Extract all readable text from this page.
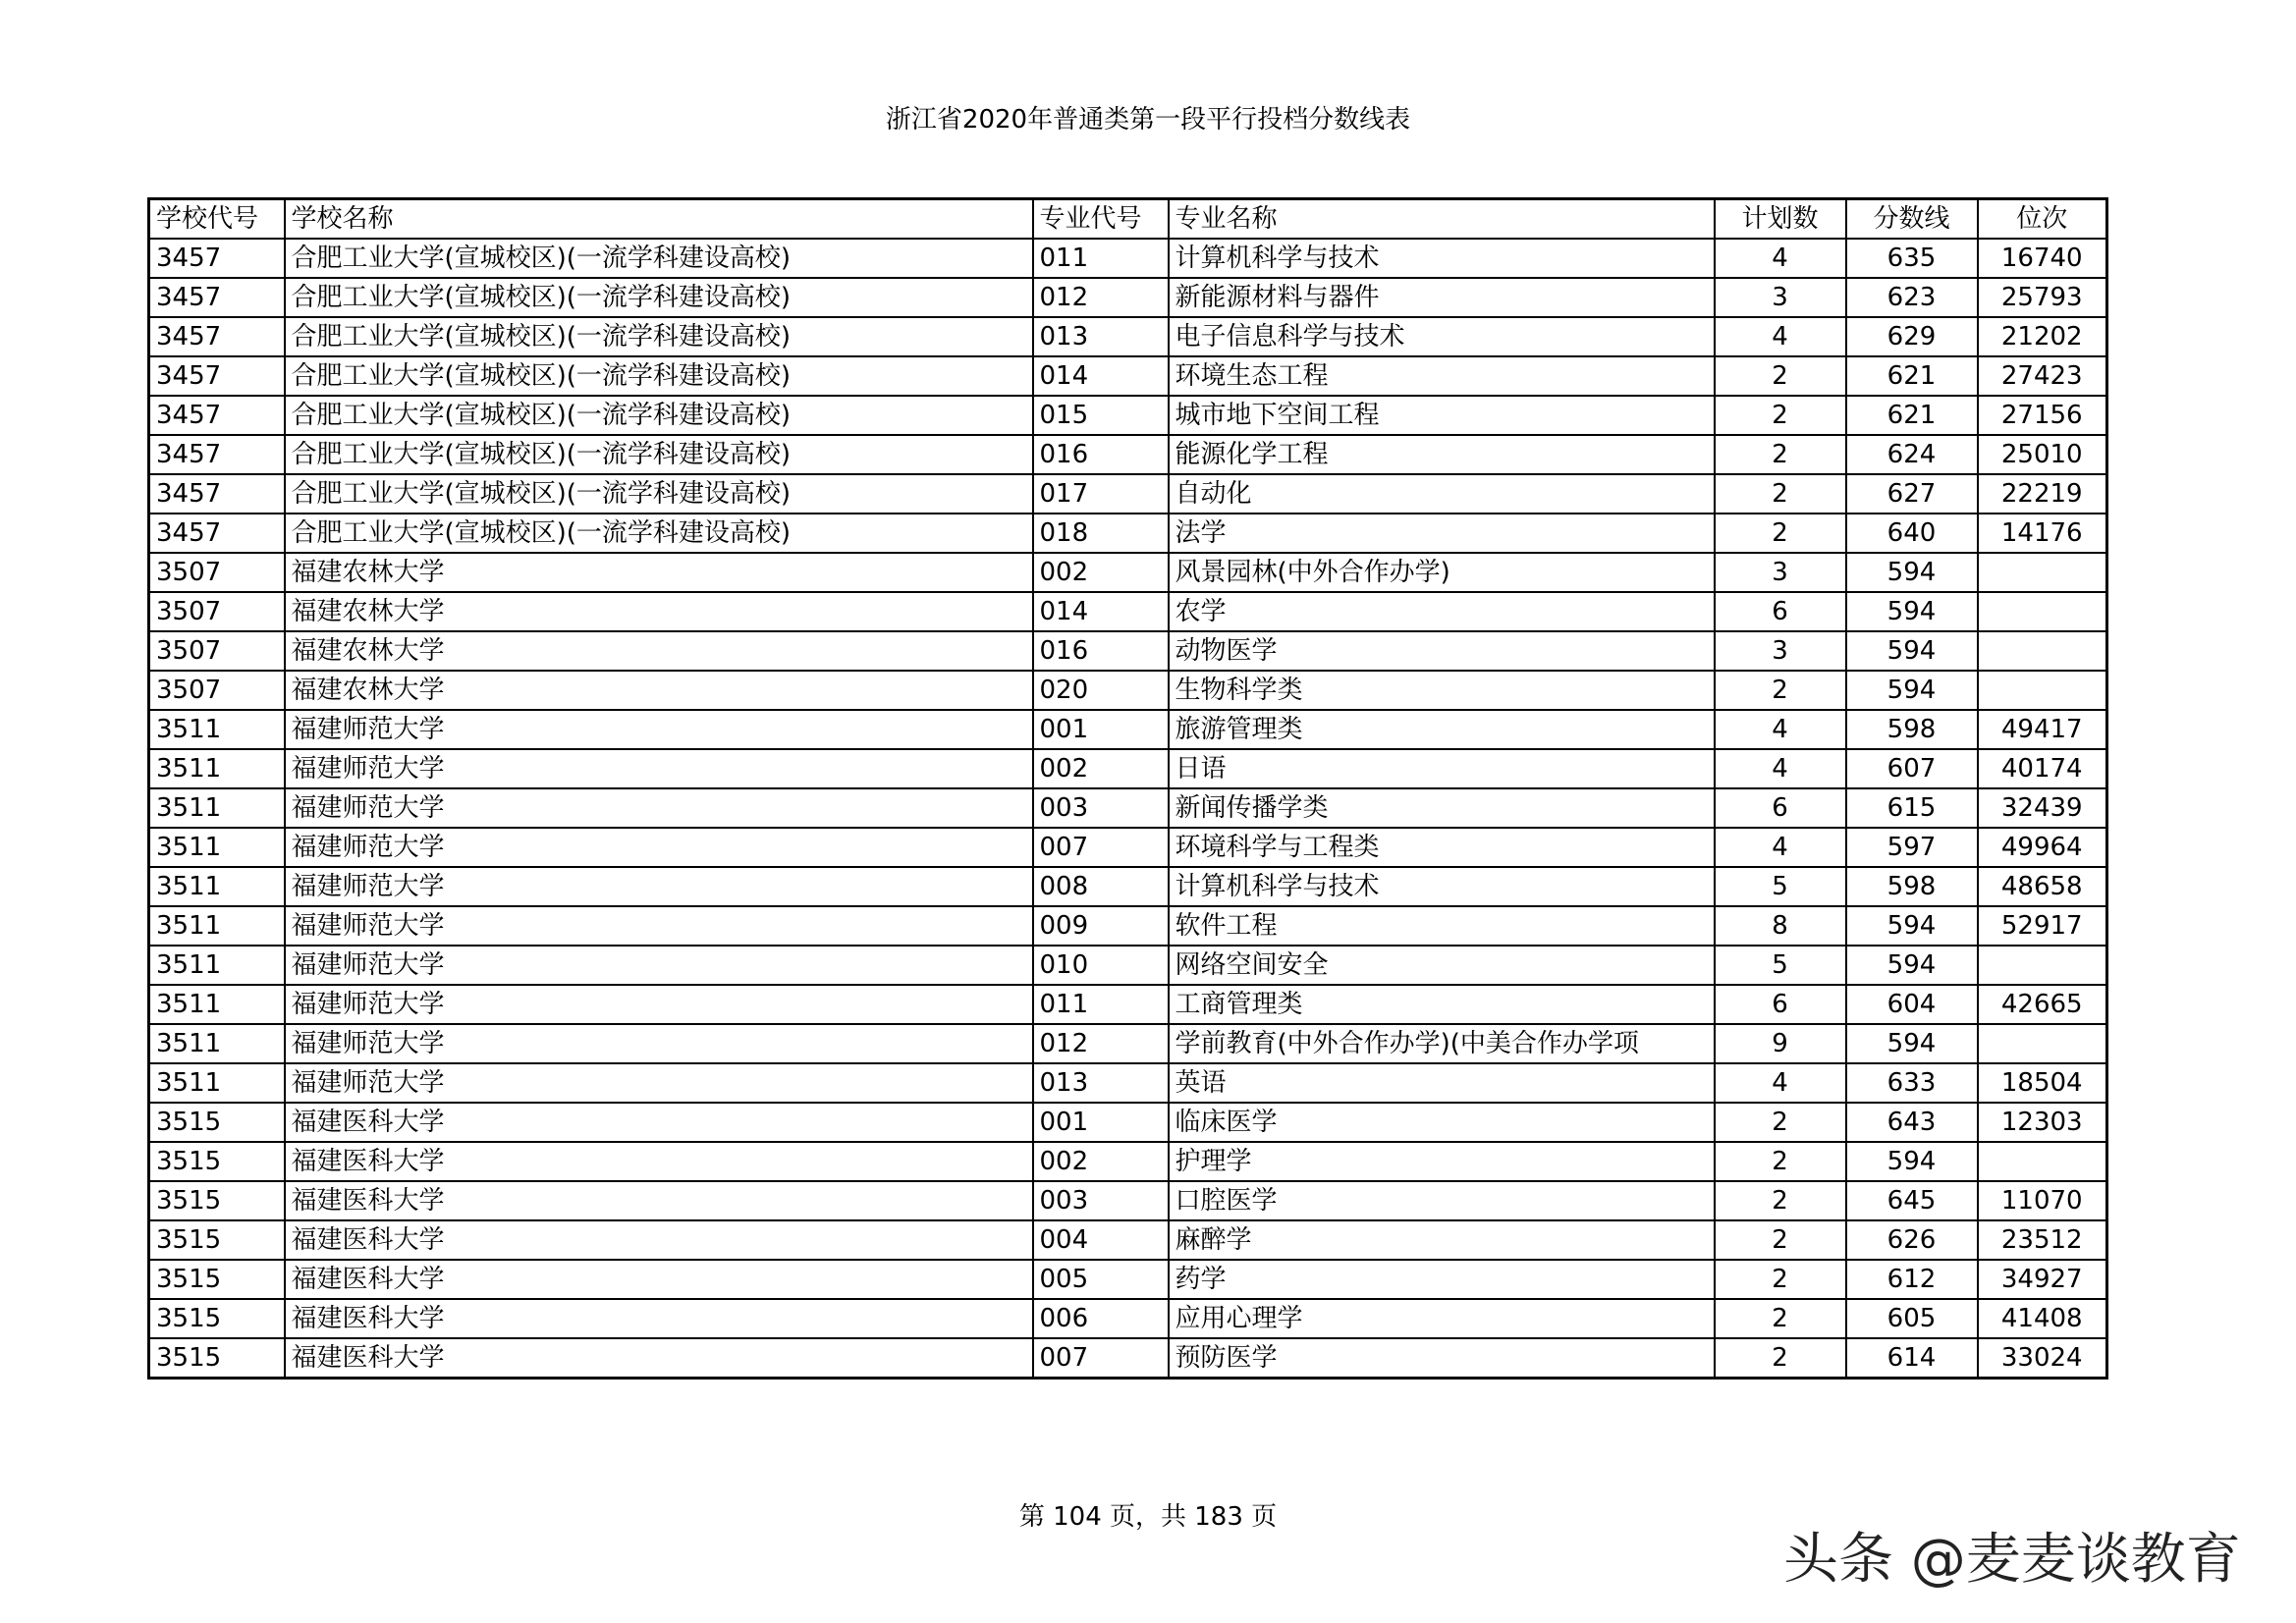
浙江省2020年普通类第一段平行投档分数线表
学校代号	学校名称	专业代号	专业名称	计划数	分数线	位次
3457	合肥工业大学(宣城校区)(一流学科建设高校)	011	计算机科学与技术	4	635	16740
3457	合肥工业大学(宣城校区)(一流学科建设高校)	012	新能源材料与器件	3	623	25793
3457	合肥工业大学(宣城校区)(一流学科建设高校)	013	电子信息科学与技术	4	629	21202
3457	合肥工业大学(宣城校区)(一流学科建设高校)	014	环境生态工程	2	621	27423
3457	合肥工业大学(宣城校区)(一流学科建设高校)	015	城市地下空间工程	2	621	27156
3457	合肥工业大学(宣城校区)(一流学科建设高校)	016	能源化学工程	2	624	25010
3457	合肥工业大学(宣城校区)(一流学科建设高校)	017	自动化	2	627	22219
3457	合肥工业大学(宣城校区)(一流学科建设高校)	018	法学	2	640	14176
3507	福建农林大学	002	风景园林(中外合作办学)	3	594	
3507	福建农林大学	014	农学	6	594	
3507	福建农林大学	016	动物医学	3	594	
3507	福建农林大学	020	生物科学类	2	594	
3511	福建师范大学	001	旅游管理类	4	598	49417
3511	福建师范大学	002	日语	4	607	40174
3511	福建师范大学	003	新闻传播学类	6	615	32439
3511	福建师范大学	007	环境科学与工程类	4	597	49964
3511	福建师范大学	008	计算机科学与技术	5	598	48658
3511	福建师范大学	009	软件工程	8	594	52917
3511	福建师范大学	010	网络空间安全	5	594	
3511	福建师范大学	011	工商管理类	6	604	42665
3511	福建师范大学	012	学前教育(中外合作办学)(中美合作办学项	9	594	
3511	福建师范大学	013	英语	4	633	18504
3515	福建医科大学	001	临床医学	2	643	12303
3515	福建医科大学	002	护理学	2	594	
3515	福建医科大学	003	口腔医学	2	645	11070
3515	福建医科大学	004	麻醉学	2	626	23512
3515	福建医科大学	005	药学	2	612	34927
3515	福建医科大学	006	应用心理学	2	605	41408
3515	福建医科大学	007	预防医学	2	614	33024
第 104 页，共 183 页
头条 @麦麦谈教育
